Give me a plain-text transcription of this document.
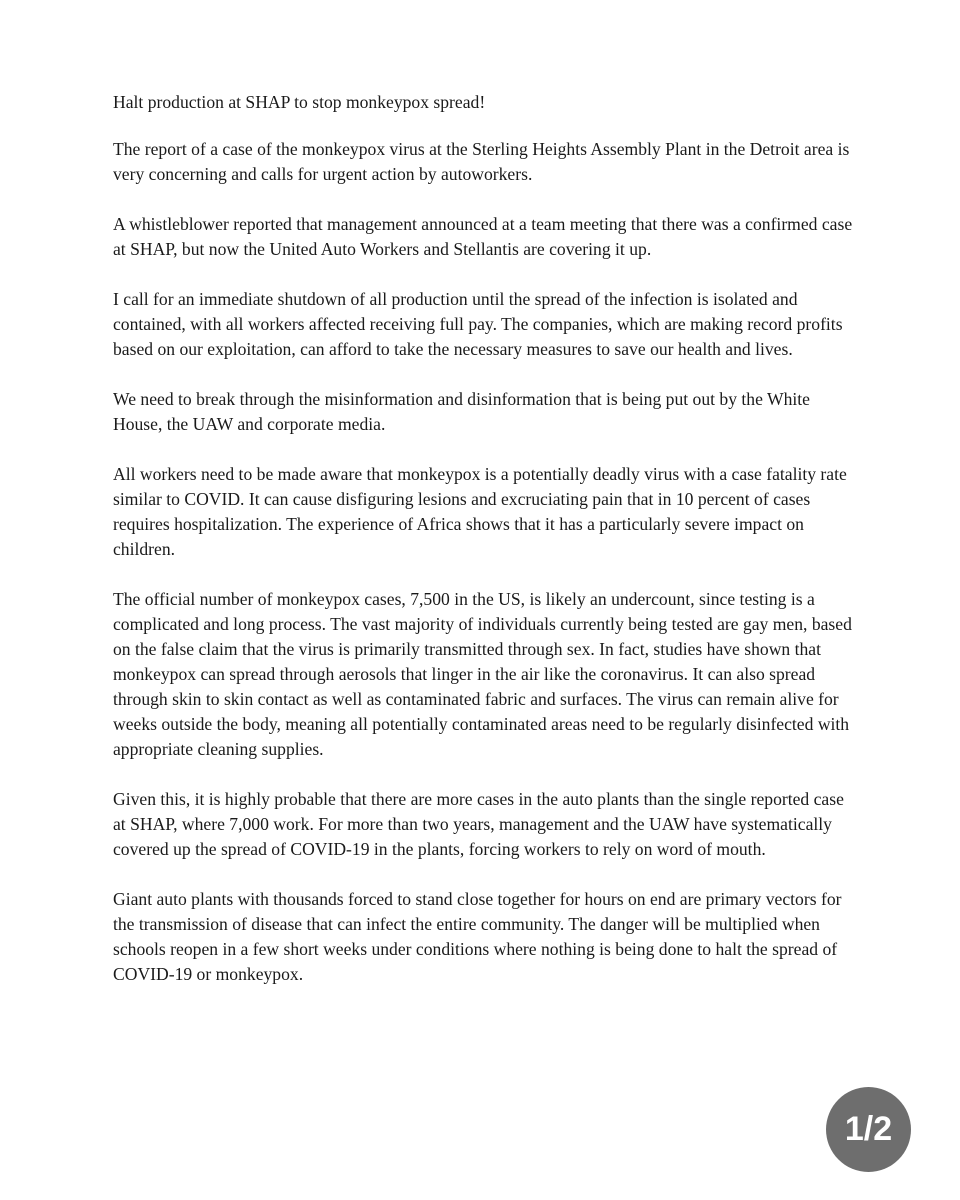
Halt production at SHAP to stop monkeypox spread!

The report of a case of the monkeypox virus at the Sterling Heights Assembly Plant in the Detroit area is very concerning and calls for urgent action by autoworkers.

A whistleblower reported that management announced at a team meeting that there was a confirmed case at SHAP, but now the United Auto Workers and Stellantis are covering it up.

I call for an immediate shutdown of all production until the spread of the infection is isolated and contained, with all workers affected receiving full pay. The companies, which are making record profits based on our exploitation, can afford to take the necessary measures to save our health and lives.

We need to break through the misinformation and disinformation that is being put out by the White House, the UAW and corporate media.

All workers need to be made aware that monkeypox is a potentially deadly virus with a case fatality rate similar to COVID. It can cause disfiguring lesions and excruciating pain that in 10 percent of cases requires hospitalization. The experience of Africa shows that it has a particularly severe impact on children.

The official number of monkeypox cases, 7,500 in the US, is likely an undercount, since testing is a complicated and long process. The vast majority of individuals currently being tested are gay men, based on the false claim that the virus is primarily transmitted through sex. In fact, studies have shown that monkeypox can spread through aerosols that linger in the air like the coronavirus. It can also spread through skin to skin contact as well as contaminated fabric and surfaces. The virus can remain alive for weeks outside the body, meaning all potentially contaminated areas need to be regularly disinfected with appropriate cleaning supplies.

Given this, it is highly probable that there are more cases in the auto plants than the single reported case at SHAP, where 7,000 work. For more than two years, management and the UAW have systematically covered up the spread of COVID-19 in the plants, forcing workers to rely on word of mouth.

Giant auto plants with thousands forced to stand close together for hours on end are primary vectors for the transmission of disease that can infect the entire community. The danger will be multiplied when schools reopen in a few short weeks under conditions where nothing is being done to halt the spread of COVID-19 or monkeypox.

1/2
